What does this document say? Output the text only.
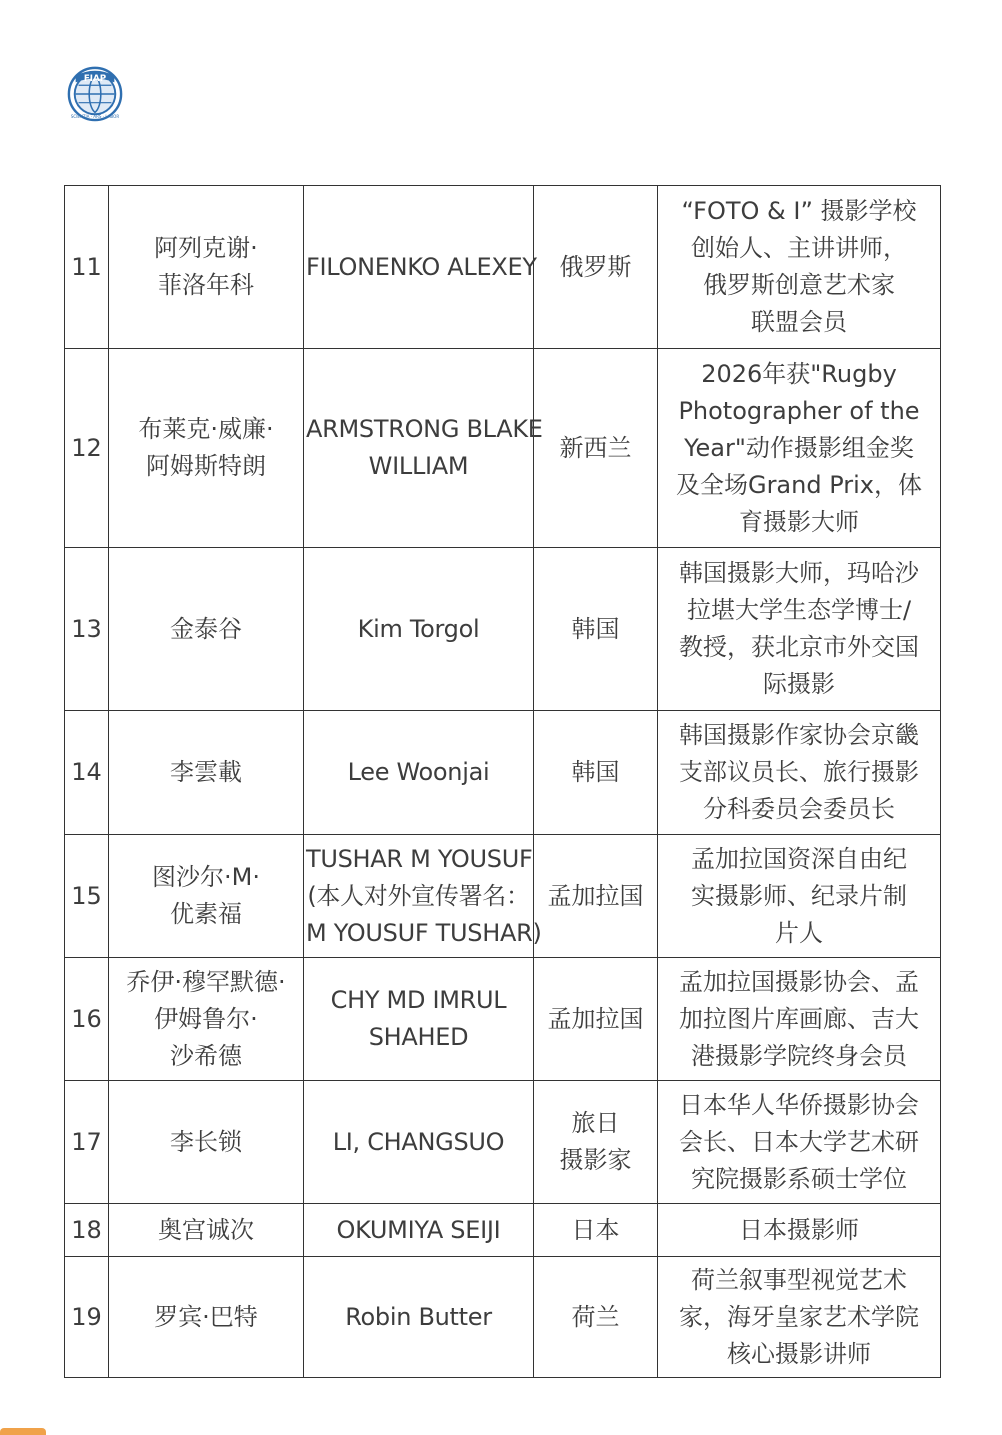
FIAP
SCIENTIA · ARS · LABOR
11	阿列克谢·
菲洛年科	FILONENKO ALEXEY	俄罗斯	“FOTO & I” 摄影学校
创始人、主讲讲师，
俄罗斯创意艺术家
联盟会员

12	布莱克·威廉·
阿姆斯特朗	ARMSTRONG BLAKE
WILLIAM	新西兰	2026年获"Rugby
Photographer of the
Year"动作摄影组金奖
及全场Grand Prix，体
育摄影大师

13	金泰谷	Kim Torgol	韩国	韩国摄影大师，玛哈沙
拉堪大学生态学博士/
教授，获北京市外交国
际摄影

14	李雲載	Lee Woonjai	韩国	韩国摄影作家协会京畿
支部议员长、旅行摄影
分科委员会委员长

15	图沙尔·M·
优素福	TUSHAR M YOUSUF
(本人对外宣传署名：
M YOUSUF TUSHAR)	孟加拉国	孟加拉国资深自由纪
实摄影师、纪录片制
片人

16	乔伊·穆罕默德·
伊姆鲁尔·
沙希德	CHY MD IMRUL
SHAHED	孟加拉国	孟加拉国摄影协会、孟
加拉图片库画廊、吉大
港摄影学院终身会员

17	李长锁	LI, CHANGSUO	旅日
摄影家	日本华人华侨摄影协会
会长、日本大学艺术研
究院摄影系硕士学位

18	奥宫诚次	OKUMIYA SEIJI	日本	日本摄影师

19	罗宾·巴特	Robin Butter	荷兰	荷兰叙事型视觉艺术
家，海牙皇家艺术学院
核心摄影讲师
